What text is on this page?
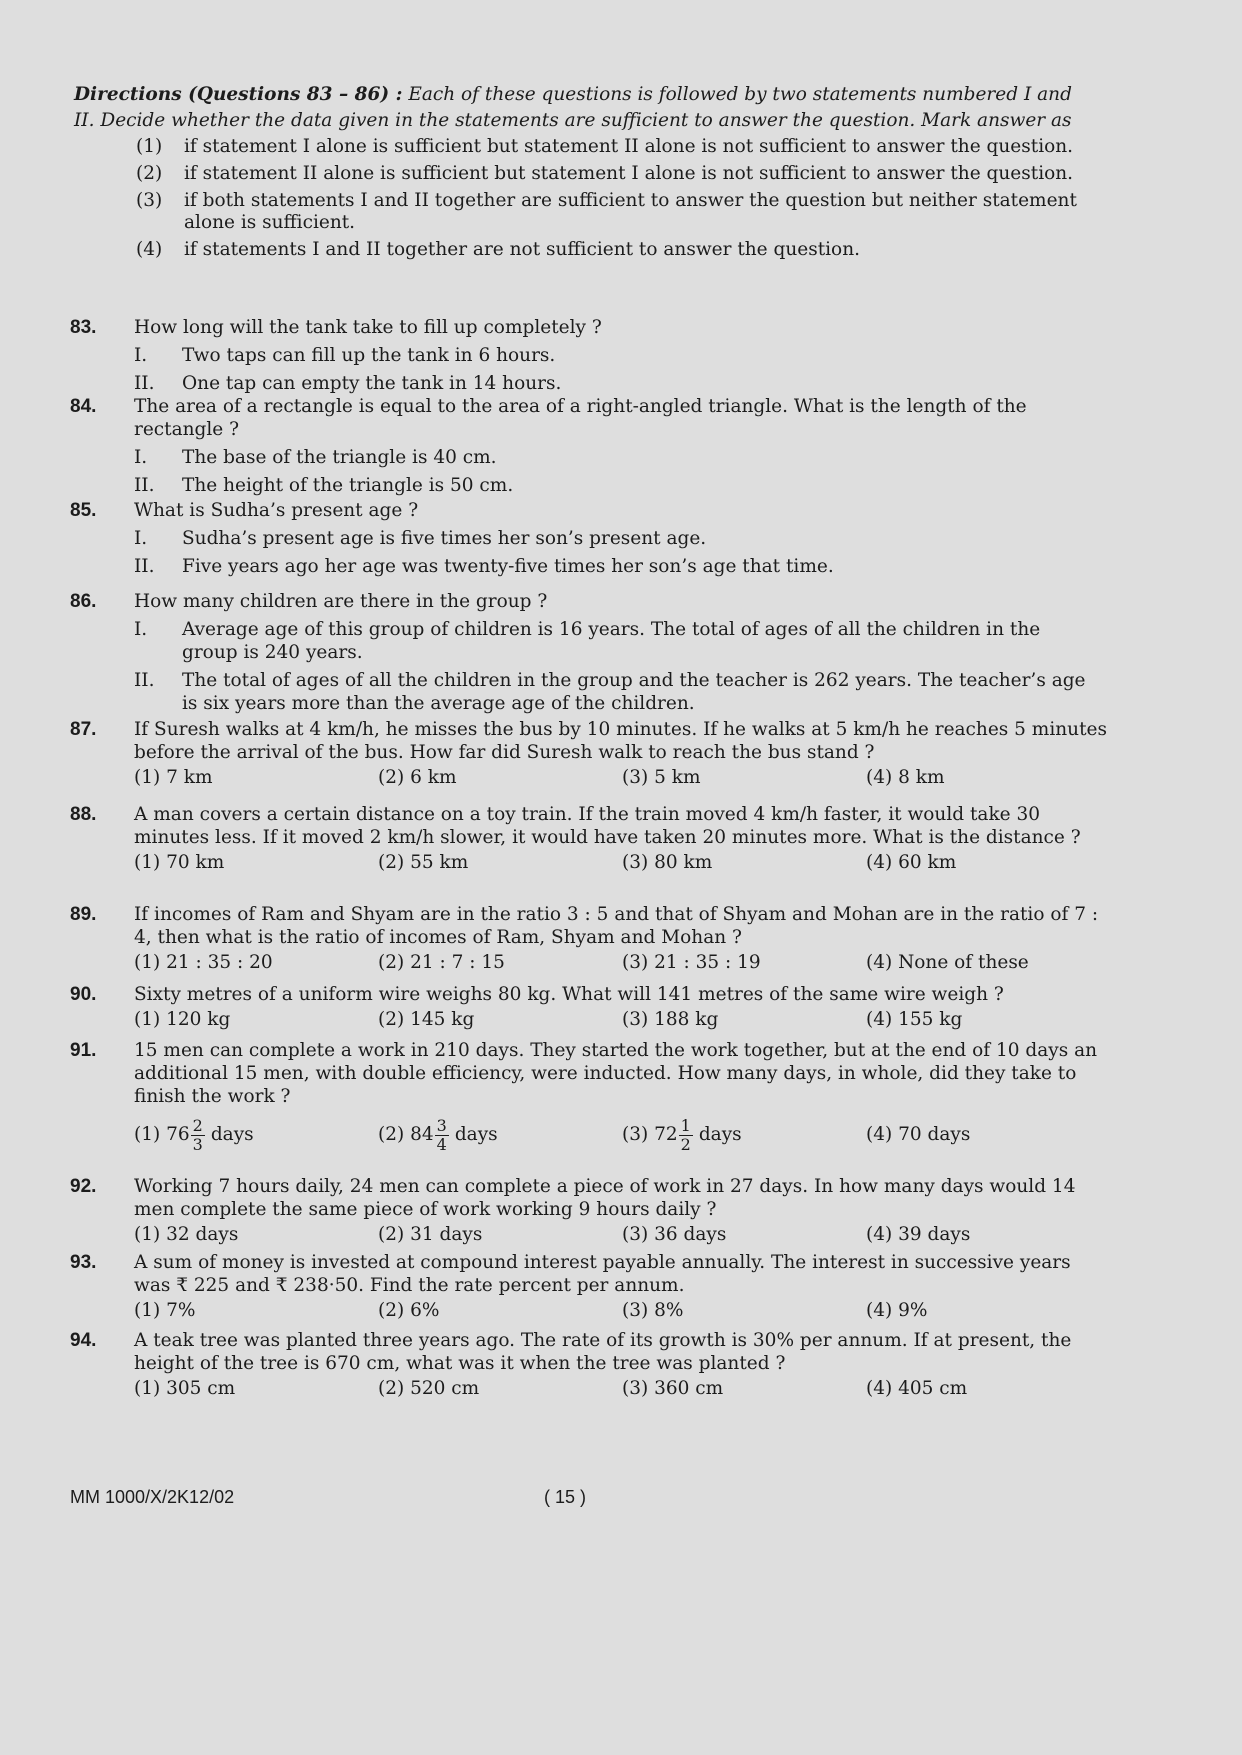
Directions (Questions 83 – 86) : Each of these questions is followed by two statements numbered I and II. Decide whether the data given in the statements are sufficient to answer the question. Mark answer as
(1)	if statement I alone is sufficient but statement II alone is not sufficient to answer the question.
(2)	if statement II alone is sufficient but statement I alone is not sufficient to answer the question.
(3)	if both statements I and II together are sufficient to answer the question but neither statement alone is sufficient.
(4)	if statements I and II together are not sufficient to answer the question.
83.	How long will the tank take to fill up completely ?
I.	Two taps can fill up the tank in 6 hours.
II.	One tap can empty the tank in 14 hours.
84.	The area of a rectangle is equal to the area of a right-angled triangle. What is the length of the rectangle ?
I.	The base of the triangle is 40 cm.
II.	The height of the triangle is 50 cm.
85.	What is Sudha’s present age ?
I.	Sudha’s present age is five times her son’s present age.
II.	Five years ago her age was twenty-five times her son’s age that time.
86.	How many children are there in the group ?
I.	Average age of this group of children is 16 years. The total of ages of all the children in the group is 240 years.
II.	The total of ages of all the children in the group and the teacher is 262 years. The teacher’s age is six years more than the average age of the children.
87.	If Suresh walks at 4 km/h, he misses the bus by 10 minutes. If he walks at 5 km/h he reaches 5 minutes before the arrival of the bus. How far did Suresh walk to reach the bus stand ?
(1) 7 km	(2) 6 km	(3) 5 km	(4) 8 km
88.	A man covers a certain distance on a toy train. If the train moved 4 km/h faster, it would take 30 minutes less. If it moved 2 km/h slower, it would have taken 20 minutes more. What is the distance ?
(1) 70 km	(2) 55 km	(3) 80 km	(4) 60 km
89.	If incomes of Ram and Shyam are in the ratio 3 : 5 and that of Shyam and Mohan are in the ratio of 7 : 4, then what is the ratio of incomes of Ram, Shyam and Mohan ?
(1) 21 : 35 : 20	(2) 21 : 7 : 15	(3) 21 : 35 : 19	(4) None of these
90.	Sixty metres of a uniform wire weighs 80 kg. What will 141 metres of the same wire weigh ?
(1) 120 kg	(2) 145 kg	(3) 188 kg	(4) 155 kg
91.	15 men can complete a work in 210 days. They started the work together, but at the end of 10 days an additional 15 men, with double efficiency, were inducted. How many days, in whole, did they take to finish the work ?
(1) $76 \frac{2}{3}$ days	(2) $84 \frac{3}{4}$ days	(3) $72 \frac{1}{2}$ days	(4) 70 days
92.	Working 7 hours daily, 24 men can complete a piece of work in 27 days. In how many days would 14 men complete the same piece of work working 9 hours daily ?
(1) 32 days	(2) 31 days	(3) 36 days	(4) 39 days
93.	A sum of money is invested at compound interest payable annually. The interest in successive years was ₹ 225 and ₹ 238·50. Find the rate percent per annum.
(1) 7%	(2) 6%	(3) 8%	(4) 9%
94.	A teak tree was planted three years ago. The rate of its growth is 30% per annum. If at present, the height of the tree is 670 cm, what was it when the tree was planted ?
(1) 305 cm	(2) 520 cm	(3) 360 cm	(4) 405 cm
MM 1000/X/2K12/02	( 15 )
